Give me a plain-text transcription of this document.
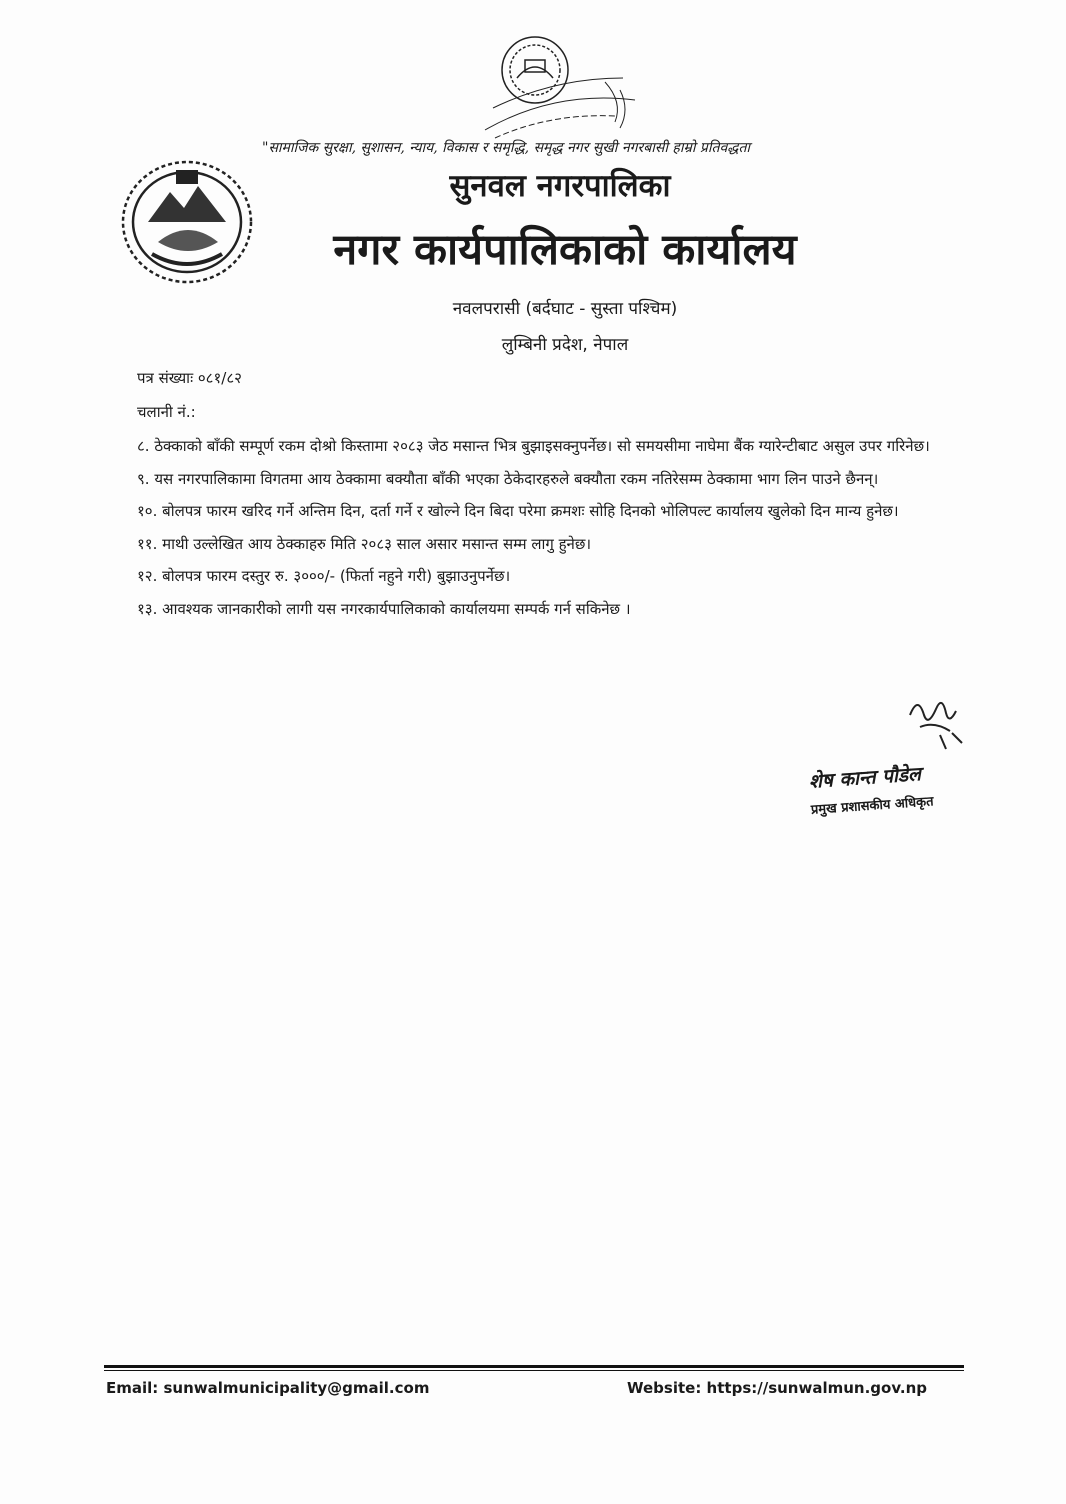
"सामाजिक सुरक्षा, सुशासन, न्याय, विकास र समृद्धि, समृद्ध नगर सुखी नगरबासी हाम्रो प्रतिवद्धता
सुनवल नगरपालिका
नगर कार्यपालिकाको कार्यालय
नवलपरासी (बर्दघाट - सुस्ता पश्चिम)
लुम्बिनी प्रदेश, नेपाल
पत्र संख्याः ०८१/८२
चलानी नं.:

८. ठेक्काको बाँकी सम्पूर्ण रकम दोश्रो किस्तामा २०८३ जेठ मसान्त भित्र बुझाइसक्नुपर्नेछ। सो समयसीमा नाघेमा बैंक ग्यारेन्टीबाट असुल उपर गरिनेछ।

९. यस नगरपालिकामा विगतमा आय ठेक्कामा बक्यौता बाँकी भएका ठेकेदारहरुले बक्यौता रकम नतिरेसम्म ठेक्कामा भाग लिन पाउने छैनन्।

१०. बोलपत्र फारम खरिद गर्ने अन्तिम दिन, दर्ता गर्ने र खोल्ने दिन बिदा परेमा क्रमशः सोहि दिनको भोलिपल्ट कार्यालय खुलेको दिन मान्य हुनेछ।

११. माथी उल्लेखित आय ठेक्काहरु मिति २०८३ साल असार मसान्त सम्म लागु हुनेछ।

१२. बोलपत्र फारम दस्तुर रु. ३०००/- (फिर्ता नहुने गरी) बुझाउनुपर्नेछ।

१३. आवश्यक जानकारीको लागी यस नगरकार्यपालिकाको कार्यालयमा सम्पर्क गर्न सकिनेछ ।

शेष कान्त पौडेल
प्रमुख प्रशासकीय अधिकृत
Email: sunwalmunicipality@gmail.com	Website: https://sunwalmun.gov.np
